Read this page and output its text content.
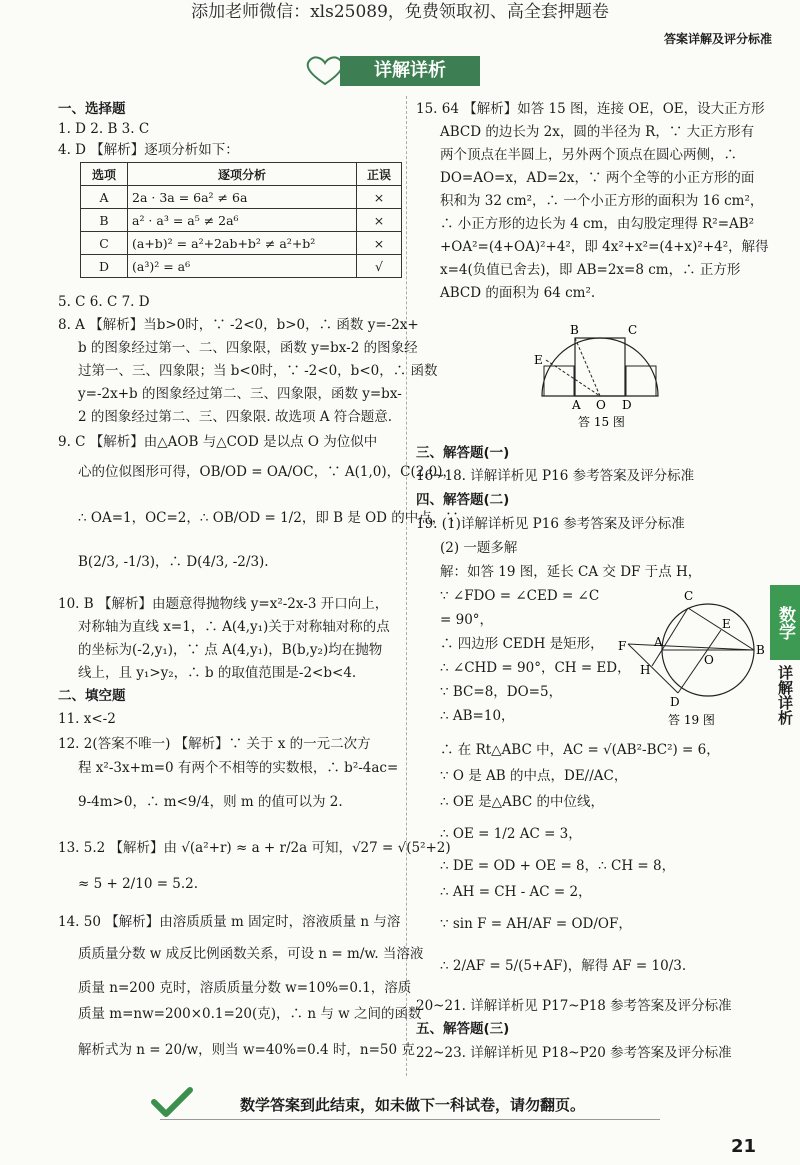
添加老师微信：xls25089，免费领取初、高全套押题卷
答案详解及评分标准
详解详析
一、选择题
1. D 2. B 3. C
4. D 【解析】逐项分析如下：
选项	逐项分析	正误
A	2a · 3a = 6a² ≠ 6a	×
B	a² · a³ = a⁵ ≠ 2a⁶	×
C	(a+b)² = a²+2ab+b² ≠ a²+b²	×
D	(a³)² = a⁶	√
5. C 6. C 7. D
8. A 【解析】当b>0时，∵ -2<0，b>0，∴ 函数 y=-2x+
b 的图象经过第一、二、四象限，函数 y=bx-2 的图象经
过第一、三、四象限；当 b<0时，∵ -2<0，b<0，∴ 函数
y=-2x+b 的图象经过第二、三、四象限，函数 y=bx-
2 的图象经过第二、三、四象限. 故选项 A 符合题意.
9. C 【解析】由△AOB 与△COD 是以点 O 为位似中
心的位似图形可得，OB/OD = OA/OC，∵ A(1,0)，C(2,0)，
∴ OA=1，OC=2，∴ OB/OD = 1/2，即 B 是 OD 的中点，∵
B(2/3, -1/3)，∴ D(4/3, -2/3).
10. B 【解析】由题意得抛物线 y=x²-2x-3 开口向上，
对称轴为直线 x=1，∴ A(4,y₁)关于对称轴对称的点
的坐标为(-2,y₁)，∵ 点 A(4,y₁)，B(b,y₂)均在抛物
线上，且 y₁>y₂，∴ b 的取值范围是-2<b<4.
二、填空题
11. x<-2
12. 2(答案不唯一) 【解析】∵ 关于 x 的一元二次方
程 x²-3x+m=0 有两个不相等的实数根，∴ b²-4ac=
9-4m>0，∴ m<9/4，则 m 的值可以为 2.
13. 5.2 【解析】由 √(a²+r) ≈ a + r/2a 可知，√27 = √(5²+2)
≈ 5 + 2/10 = 5.2.
14. 50 【解析】由溶质质量 m 固定时，溶液质量 n 与溶
质质量分数 w 成反比例函数关系，可设 n = m/w. 当溶液
质量 n=200 克时，溶质质量分数 w=10%=0.1，溶质
质量 m=nw=200×0.1=20(克)，∴ n 与 w 之间的函数
解析式为 n = 20/w，则当 w=40%=0.4 时，n=50 克
15. 64 【解析】如答 15 图，连接 OE，OE，设大正方形
ABCD 的边长为 2x，圆的半径为 R，∵ 大正方形有
两个顶点在半圆上，另外两个顶点在圆心两侧，∴
DO=AO=x，AD=2x，∵ 两个全等的小正方形的面
积和为 32 cm²，∴ 一个小正方形的面积为 16 cm²，
∴ 小正方形的边长为 4 cm，由勾股定理得 R²=AB²
+OA²=(4+OA)²+4²，即 4x²+x²=(4+x)²+4²，解得
x=4(负值已舍去)，即 AB=2x=8 cm，∴ 正方形
ABCD 的面积为 64 cm².
B	C
E
A O D
答 15 图
三、解答题(一)
16~18. 详解详析见 P16 参考答案及评分标准
四、解答题(二)
19. (1)详解详析见 P16 参考答案及评分标准
(2) 一题多解
解：如答 19 图，延长 CA 交 DF 于点 H，
∵ ∠FDO = ∠CED = ∠C
= 90°，
∴ 四边形 CEDH 是矩形，
∴ ∠CHD = 90°，CH = ED，
∵ BC=8，DO=5，
∴ AB=10，
C
F A
E
O
B
H
D
答 19 图
∴ 在 Rt△ABC 中，AC = √(AB²-BC²) = 6，
∵ O 是 AB 的中点，DE//AC，
∴ OE 是△ABC 的中位线，
∴ OE = 1/2 AC = 3，
∴ DE = OD + OE = 8，∴ CH = 8，
∴ AH = CH - AC = 2，
∵ sin F = AH/AF = OD/OF，
∴ 2/AF = 5/(5+AF)，解得 AF = 10/3.
20~21. 详解详析见 P17~P18 参考答案及评分标准
五、解答题(三)
22~23. 详解详析见 P18~P20 参考答案及评分标准
数学
详解详析
数学答案到此结束，如未做下一科试卷，请勿翻页。
21
